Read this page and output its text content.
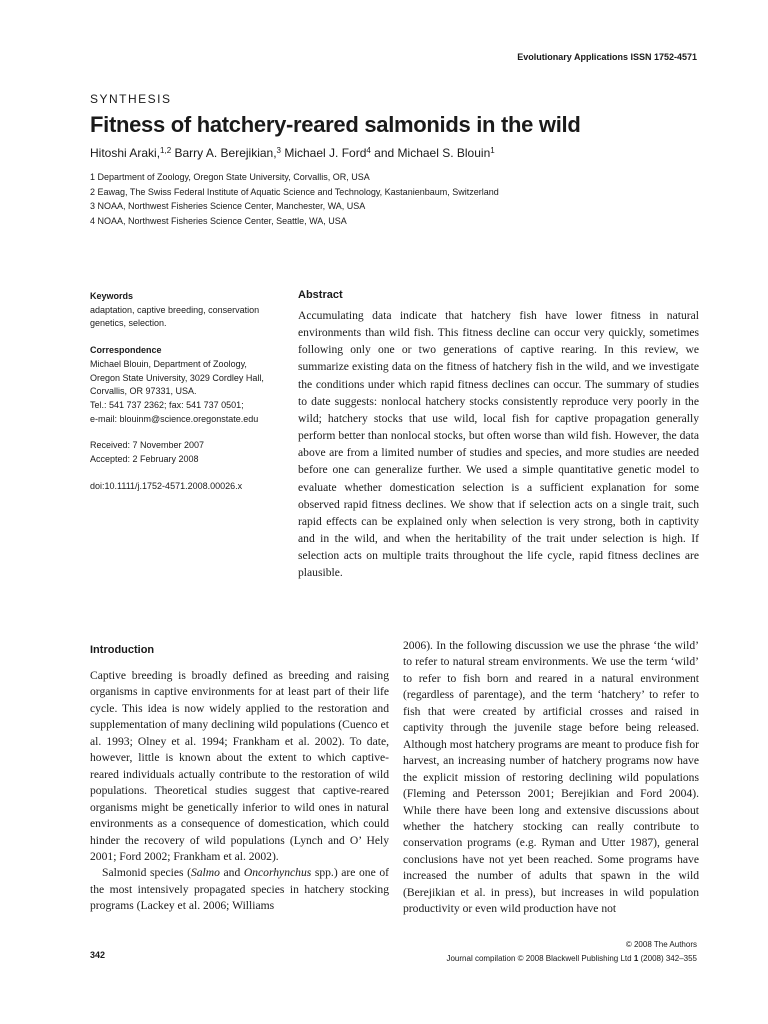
Evolutionary Applications ISSN 1752-4571
SYNTHESIS
Fitness of hatchery-reared salmonids in the wild
Hitoshi Araki,$^{1,2}$ Barry A. Berejikian,$^3$ Michael J. Ford$^4$ and Michael S. Blouin$^1$
1 Department of Zoology, Oregon State University, Corvallis, OR, USA
2 Eawag, The Swiss Federal Institute of Aquatic Science and Technology, Kastanienbaum, Switzerland
3 NOAA, Northwest Fisheries Science Center, Manchester, WA, USA
4 NOAA, Northwest Fisheries Science Center, Seattle, WA, USA
Keywords
adaptation, captive breeding, conservation genetics, selection.
Correspondence
Michael Blouin, Department of Zoology,
Oregon State University, 3029 Cordley Hall,
Corvallis, OR 97331, USA.
Tel.: 541 737 2362; fax: 541 737 0501;
e-mail: blouinm@science.oregonstate.edu
Received: 7 November 2007
Accepted: 2 February 2008
doi:10.1111/j.1752-4571.2008.00026.x
Abstract

Accumulating data indicate that hatchery fish have lower fitness in natural environments than wild fish. This fitness decline can occur very quickly, sometimes following only one or two generations of captive rearing. In this review, we summarize existing data on the fitness of hatchery fish in the wild, and we investigate the conditions under which rapid fitness declines can occur. The summary of studies to date suggests: nonlocal hatchery stocks consistently reproduce very poorly in the wild; hatchery stocks that use wild, local fish for captive propagation generally perform better than nonlocal stocks, but often worse than wild fish. However, the data above are from a limited number of studies and species, and more studies are needed before one can generalize further. We used a simple quantitative genetic model to evaluate whether domestication selection is a sufficient explanation for some observed rapid fitness declines. We show that if selection acts on a single trait, such rapid effects can be explained only when selection is very strong, both in captivity and in the wild, and when the heritability of the trait under selection is high. If selection acts on multiple traits throughout the life cycle, rapid fitness declines are plausible.

Introduction

Captive breeding is broadly defined as breeding and raising organisms in captive environments for at least part of their life cycle. This idea is now widely applied to the restoration and supplementation of many declining wild populations (Cuenco et al. 1993; Olney et al. 1994; Frankham et al. 2002). To date, however, little is known about the extent to which captive-reared individuals actually contribute to the restoration of wild populations. Theoretical studies suggest that captive-reared organisms might be genetically inferior to wild ones in natural environments as a consequence of domestication, which could hinder the recovery of wild populations (Lynch and O’ Hely 2001; Ford 2002; Frankham et al. 2002).

Salmonid species (Salmo and Oncorhynchus spp.) are one of the most intensively propagated species in hatchery stocking programs (Lackey et al. 2006; Williams

2006). In the following discussion we use the phrase ‘the wild’ to refer to natural stream environments. We use the term ‘wild’ to refer to fish born and reared in a natural environment (regardless of parentage), and the term ‘hatchery’ to refer to fish that were created by artificial crosses and raised in captivity through the juvenile stage before being released. Although most hatchery programs are meant to produce fish for harvest, an increasing number of hatchery programs now have the explicit mission of restoring declining wild populations (Fleming and Petersson 2001; Berejikian and Ford 2004). While there have been long and extensive discussions about whether the hatchery stocking can really contribute to conservation programs (e.g. Ryman and Utter 1987), general conclusions have not yet been reached. Some programs have increased the number of adults that spawn in the wild (Berejikian et al. in press), but increases in wild population productivity or even wild production have not

342
© 2008 The Authors
Journal compilation © 2008 Blackwell Publishing Ltd 1 (2008) 342–355
